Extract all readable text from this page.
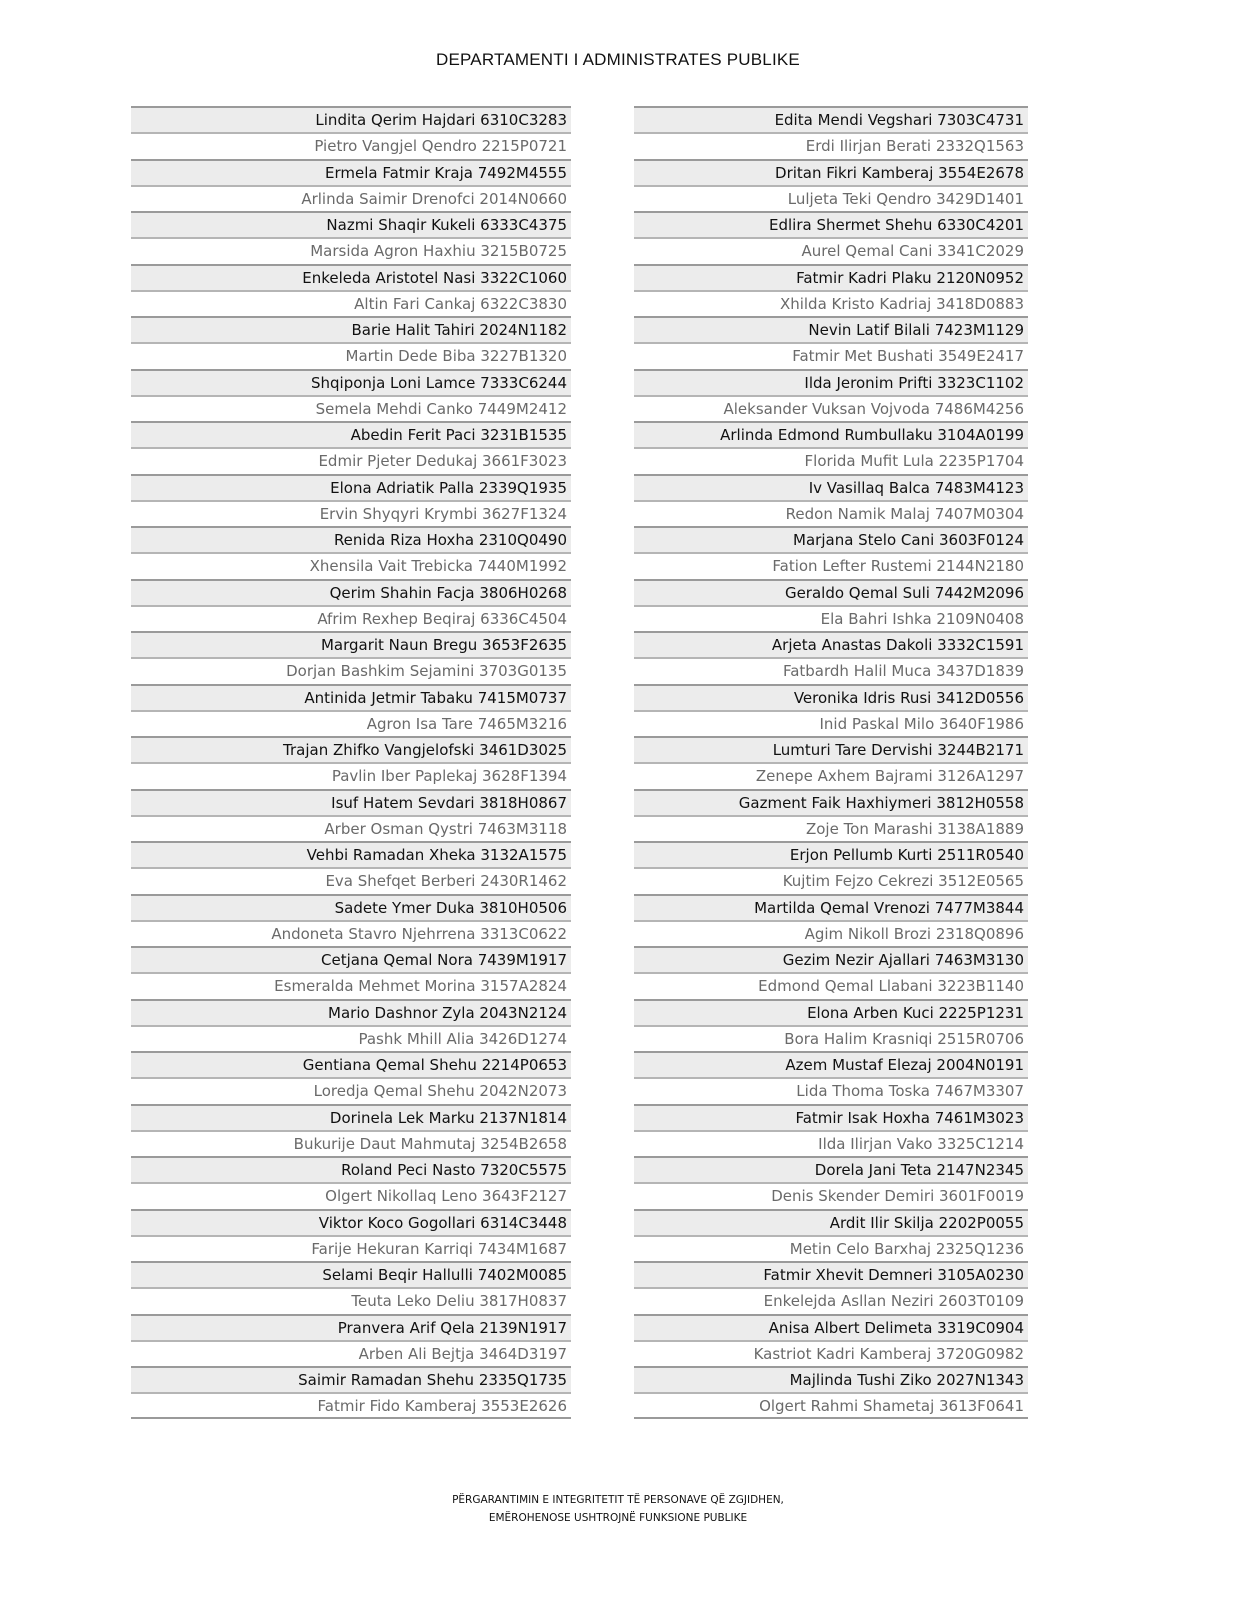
DEPARTAMENTI I ADMINISTRATES PUBLIKE
Lindita Qerim Hajdari 6310C3283
Pietro Vangjel Qendro 2215P0721
Ermela Fatmir Kraja 7492M4555
Arlinda Saimir Drenofci 2014N0660
Nazmi Shaqir Kukeli 6333C4375
Marsida Agron Haxhiu 3215B0725
Enkeleda Aristotel Nasi 3322C1060
Altin Fari Cankaj 6322C3830
Barie Halit Tahiri 2024N1182
Martin Dede Biba 3227B1320
Shqiponja Loni Lamce 7333C6244
Semela Mehdi Canko 7449M2412
Abedin Ferit Paci 3231B1535
Edmir Pjeter Dedukaj 3661F3023
Elona Adriatik Palla 2339Q1935
Ervin Shyqyri Krymbi 3627F1324
Renida Riza Hoxha 2310Q0490
Xhensila Vait Trebicka 7440M1992
Qerim Shahin Facja 3806H0268
Afrim Rexhep Beqiraj 6336C4504
Margarit Naun Bregu 3653F2635
Dorjan Bashkim Sejamini 3703G0135
Antinida Jetmir Tabaku 7415M0737
Agron Isa Tare 7465M3216
Trajan Zhifko Vangjelofski 3461D3025
Pavlin Iber Paplekaj 3628F1394
Isuf Hatem Sevdari 3818H0867
Arber Osman Qystri 7463M3118
Vehbi Ramadan Xheka 3132A1575
Eva Shefqet Berberi 2430R1462
Sadete Ymer Duka 3810H0506
Andoneta Stavro Njehrrena 3313C0622
Cetjana Qemal Nora 7439M1917
Esmeralda Mehmet Morina 3157A2824
Mario Dashnor Zyla 2043N2124
Pashk Mhill Alia 3426D1274
Gentiana Qemal Shehu 2214P0653
Loredja Qemal Shehu 2042N2073
Dorinela Lek Marku 2137N1814
Bukurije Daut Mahmutaj 3254B2658
Roland Peci Nasto 7320C5575
Olgert Nikollaq Leno 3643F2127
Viktor Koco Gogollari 6314C3448
Farije Hekuran Karriqi 7434M1687
Selami Beqir Hallulli 7402M0085
Teuta Leko Deliu 3817H0837
Pranvera Arif Qela 2139N1917
Arben Ali Bejtja 3464D3197
Saimir Ramadan Shehu 2335Q1735
Fatmir Fido Kamberaj 3553E2626
Edita Mendi Vegshari 7303C4731
Erdi Ilirjan Berati 2332Q1563
Dritan Fikri Kamberaj 3554E2678
Luljeta Teki Qendro 3429D1401
Edlira Shermet Shehu 6330C4201
Aurel Qemal Cani 3341C2029
Fatmir Kadri Plaku 2120N0952
Xhilda Kristo Kadriaj 3418D0883
Nevin Latif Bilali 7423M1129
Fatmir Met Bushati 3549E2417
Ilda Jeronim Prifti 3323C1102
Aleksander Vuksan Vojvoda 7486M4256
Arlinda Edmond Rumbullaku 3104A0199
Florida Mufit Lula 2235P1704
Iv Vasillaq Balca 7483M4123
Redon Namik Malaj 7407M0304
Marjana Stelo Cani 3603F0124
Fation Lefter Rustemi 2144N2180
Geraldo Qemal Suli 7442M2096
Ela Bahri Ishka 2109N0408
Arjeta Anastas Dakoli 3332C1591
Fatbardh Halil Muca 3437D1839
Veronika Idris Rusi 3412D0556
Inid Paskal Milo 3640F1986
Lumturi Tare Dervishi 3244B2171
Zenepe Axhem Bajrami 3126A1297
Gazment Faik Haxhiymeri 3812H0558
Zoje Ton Marashi 3138A1889
Erjon Pellumb Kurti 2511R0540
Kujtim Fejzo Cekrezi 3512E0565
Martilda Qemal Vrenozi 7477M3844
Agim Nikoll Brozi 2318Q0896
Gezim Nezir Ajallari 7463M3130
Edmond Qemal Llabani 3223B1140
Elona Arben Kuci 2225P1231
Bora Halim Krasniqi 2515R0706
Azem Mustaf Elezaj 2004N0191
Lida Thoma Toska 7467M3307
Fatmir Isak Hoxha 7461M3023
Ilda Ilirjan Vako 3325C1214
Dorela Jani Teta 2147N2345
Denis Skender Demiri 3601F0019
Ardit Ilir Skilja 2202P0055
Metin Celo Barxhaj 2325Q1236
Fatmir Xhevit Demneri 3105A0230
Enkelejda Asllan Neziri 2603T0109
Anisa Albert Delimeta 3319C0904
Kastriot Kadri Kamberaj 3720G0982
Majlinda Tushi Ziko 2027N1343
Olgert Rahmi Shametaj 3613F0641
PËRGARANTIMIN E INTEGRITETIT TË PERSONAVE QË ZGJIDHEN,
EMËROHENOSE USHTROJNË FUNKSIONE PUBLIKE
